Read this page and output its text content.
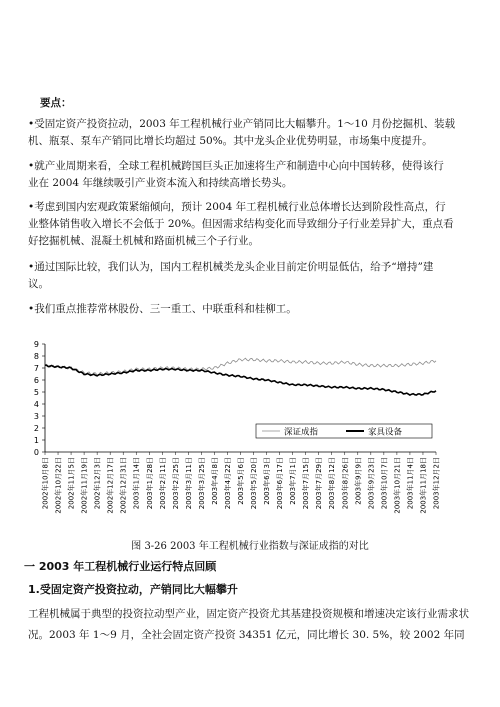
要点：
•受固定资产投资拉动，2003 年工程机械行业产销同比大幅攀升。1～10 月份挖掘机、装载
机、瓶泵、泵车产销同比增长均超过 50%。其中龙头企业优势明显，市场集中度提升。
•就产业周期来看，全球工程机械跨国巨头正加速将生产和制造中心向中国转移，使得该行
业在 2004 年继续吸引产业资本流入和持续高增长势头。
•考虑到国内宏观政策紧缩倾向，预计 2004 年工程机械行业总体增长达到阶段性高点，行
业整体销售收入增长不会低于 20%。但因需求结构变化而导致细分子行业差异扩大，重点看
好挖掘机械、混凝土机械和路面机械三个子行业。
•通过国际比较，我们认为，国内工程机械类龙头企业目前定价明显低估，给予“增持”建
议。
•我们重点推荐常林股份、三一重工、中联重科和桂柳工。
9
8
7
6
5
4
3
2
1
0
2002年10月8日 2002年10月22日 2002年11月5日 2002年11月19日 2002年12月3日 2002年12月17日 2002年12月31日 2003年1月14日 2003年1月28日 2003年2月11日 2003年2月25日 2003年3月11日 2003年3月25日 2003年4月8日 2003年4月22日 2003年5月6日 2003年5月20日 2003年6月3日 2003年6月17日 2003年7月1日 2003年7月15日 2003年7月29日 2003年8月12日 2003年8月26日 2003年9月9日 2003年9月23日 2003年10月7日 2003年10月21日 2003年11月4日 2003年11月18日 2003年12月2日
深证成指	家具设备
图 3-26 2003 年工程机械行业指数与深证成指的对比
一 2003 年工程机械行业运行特点回顾
1.受固定资产投资拉动，产销同比大幅攀升
工程机械属于典型的投资拉动型产业，固定资产投资尤其基建投资规模和增速决定该行业需求状况。2003 年 1～9 月，全社会固定资产投资 34351 亿元，同比增长 30. 5%，较 2002 年同
